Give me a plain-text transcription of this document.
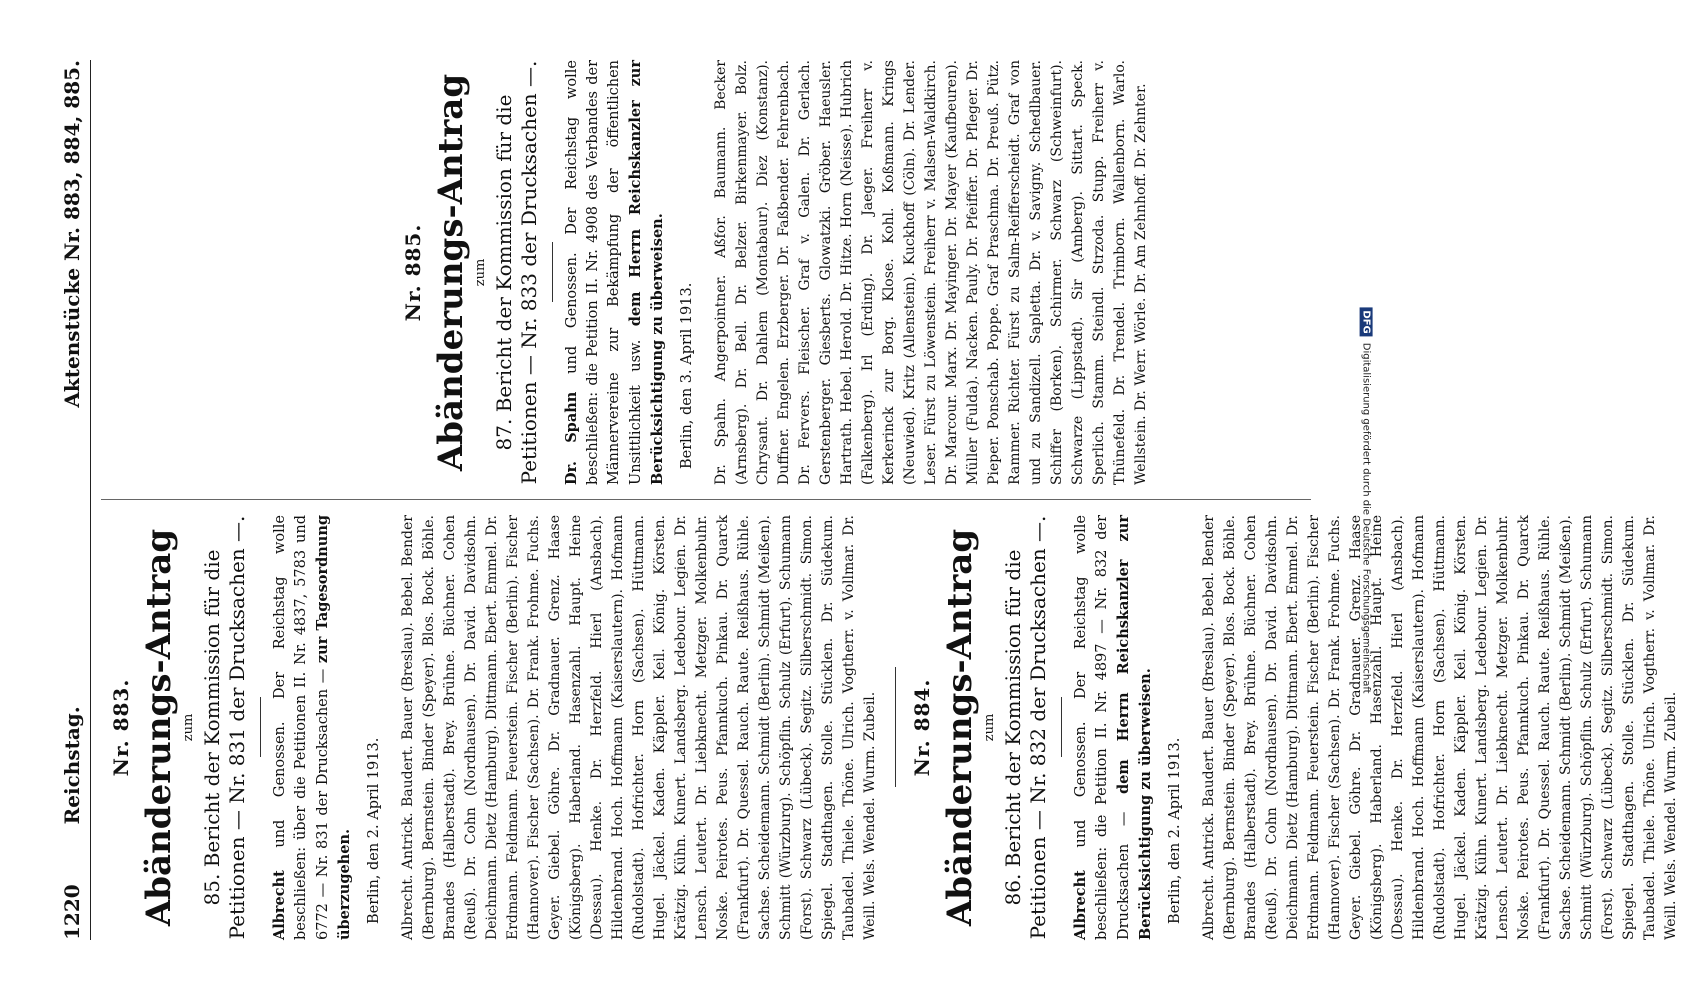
1220
Reichstag.
Aktenstücke Nr. 883, 884, 885.
Nr. 883. Abänderungs-Antrag zum 85. Bericht der Kommission für die Petitionen — Nr. 831 der Drucksachen —. Albrecht und Genossen. Der Reichstag wolle beschließen: über die Petitionen II. Nr. 4837, 5783 und 6772 — Nr. 831 der Drucksachen — zur Tagesordnung überzugehen. Berlin, den 2. April 1913. Albrecht. Antrick. Baudert. Bauer (Breslau). Bebel. Bender (Bernburg). Bernstein. Binder (Speyer). Blos. Bock. Böhle. Brandes (Halberstadt). Brey. Brühne. Büchner. Cohen (Reuß). Dr. Cohn (Nordhausen). Dr. David. Davidsohn. Deichmann. Dietz (Hamburg). Dittmann. Ebert. Emmel. Dr. Erdmann. Feldmann. Feuerstein. Fischer (Berlin). Fischer (Hannover). Fischer (Sachsen). Dr. Frank. Frohme. Fuchs. Geyer. Giebel. Göhre. Dr. Gradnauer. Grenz. Haase (Königsberg). Haberland. Hasenzahl. Haupt. Heine (Dessau). Henke. Dr. Herzfeld. Hierl (Ansbach). Hildenbrand. Hoch. Hoffmann (Kaiserslautern). Hofmann (Rudolstadt). Hofrichter. Horn (Sachsen). Hüttmann. Hugel. Jäckel. Kaden. Käppler. Keil. König. Körsten. Krätzig. Kühn. Kunert. Landsberg. Ledebour. Legien. Dr. Lensch. Leutert. Dr. Liebknecht. Metzger. Molkenbuhr. Noske. Peirotes. Peus. Pfannkuch. Pinkau. Dr. Quarck (Frankfurt). Dr. Quessel. Rauch. Raute. Reißhaus. Rühle. Sachse. Scheidemann. Schmidt (Berlin). Schmidt (Meißen). Schmitt (Würzburg). Schöpflin. Schulz (Erfurt). Schumann (Forst). Schwarz (Lübeck). Segitz. Silberschmidt. Simon. Spiegel. Stadthagen. Stolle. Stücklen. Dr. Südekum. Taubadel. Thiele. Thöne. Ulrich. Vogtherr. v. Vollmar. Dr. Weill. Wels. Wendel. Wurm. Zubeil. Nr. 884. Abänderungs-Antrag zum 86. Bericht der Kommission für die Petitionen — Nr. 832 der Drucksachen —. Albrecht und Genossen. Der Reichstag wolle beschließen: die Petition II. Nr. 4897 — Nr. 832 der Drucksachen — dem Herrn Reichskanzler zur Berücksichtigung zu überweisen. Berlin, den 2. April 1913. Albrecht. Antrick. Baudert. Bauer (Breslau). Bebel. Bender (Bernburg). Bernstein. Binder (Speyer). Blos. Bock. Böhle. Brandes (Halberstadt). Brey. Brühne. Büchner. Cohen (Reuß). Dr. Cohn (Nordhausen). Dr. David. Davidsohn. Deichmann. Dietz (Hamburg). Dittmann. Ebert. Emmel. Dr. Erdmann. Feldmann. Feuerstein. Fischer (Berlin). Fischer (Hannover). Fischer (Sachsen). Dr. Frank. Frohme. Fuchs. Geyer. Giebel. Göhre. Dr. Gradnauer. Grenz. Haase (Königsberg). Haberland. Hasenzahl. Haupt. Heine (Dessau). Henke. Dr. Herzfeld. Hierl (Ansbach). Hildenbrand. Hoch. Hoffmann (Kaiserslautern). Hofmann (Rudolstadt). Hofrichter. Horn (Sachsen). Hüttmann. Hugel. Jäckel. Kaden. Käppler. Keil. König. Körsten. Krätzig. Kühn. Kunert. Landsberg. Ledebour. Legien. Dr. Lensch. Leutert. Dr. Liebknecht. Metzger. Molkenbuhr. Noske. Peirotes. Peus. Pfannkuch. Pinkau. Dr. Quarck (Frankfurt). Dr. Quessel. Rauch. Raute. Reißhaus. Rühle. Sachse. Scheidemann. Schmidt (Berlin). Schmidt (Meißen). Schmitt (Würzburg). Schöpflin. Schulz (Erfurt). Schumann (Forst). Schwarz (Lübeck). Segitz. Silberschmidt. Simon. Spiegel. Stadthagen. Stolle. Stücklen. Dr. Südekum. Taubadel. Thiele. Thöne. Ulrich. Vogtherr. v. Vollmar. Dr. Weill. Wels. Wendel. Wurm. Zubeil.

Nr. 885. Abänderungs-Antrag zum 87. Bericht der Kommission für die Petitionen — Nr. 833 der Drucksachen —. Dr. Spahn und Genossen. Der Reichstag wolle beschließen: die Petition II. Nr. 4908 des Verbandes der Männervereine zur Bekämpfung der öffentlichen Unsittlichkeit usw. dem Herrn Reichskanzler zur Berücksichtigung zu überweisen. Berlin, den 3. April 1913. Dr. Spahn. Angerpointner. Aßfor. Baumann. Becker (Arnsberg). Dr. Bell. Dr. Belzer. Birkenmayer. Bolz. Chrysant. Dr. Dahlem (Montabaur). Diez (Konstanz). Duffner. Engelen. Erzberger. Dr. Faßbender. Fehrenbach. Dr. Fervers. Fleischer. Graf v. Galen. Dr. Gerlach. Gerstenberger. Giesberts. Glowatzki. Gröber. Haeusler. Hartrath. Hebel. Herold. Dr. Hitze. Horn (Neisse). Hubrich (Falkenberg). Irl (Erding). Dr. Jaeger. Freiherr v. Kerkerinck zur Borg. Klose. Kohl. Koßmann. Krings (Neuwied). Kritz (Allenstein). Kuckhoff (Cöln). Dr. Lender. Leser. Fürst zu Löwenstein. Freiherr v. Malsen-Waldkirch. Dr. Marcour. Marx. Dr. Mayinger. Dr. Mayer (Kaufbeuren). Müller (Fulda). Nacken. Pauly. Dr. Pfeiffer. Dr. Pfleger. Dr. Pieper. Ponschab. Poppe. Graf Praschma. Dr. Preuß. Pütz. Rammer. Richter. Fürst zu Salm-Reifferscheidt. Graf von und zu Sandizell. Sapletta. Dr. v. Savigny. Schedlbauer. Schiffer (Borken). Schirmer. Schwarz (Schweinfurt). Schwarze (Lippstadt). Sir (Amberg). Sittart. Speck. Sperlich. Stamm. Steindl. Strzoda. Stupp. Freiherr v. Thünefeld. Dr. Trendel. Trimborn. Wallenborn. Warlo. Wellstein. Dr. Werr. Wörle. Dr. Am Zehnhoff. Dr. Zehnter.	DFG
Digitalisierung gefördert durch die Deutsche Forschungsgemeinschaft
